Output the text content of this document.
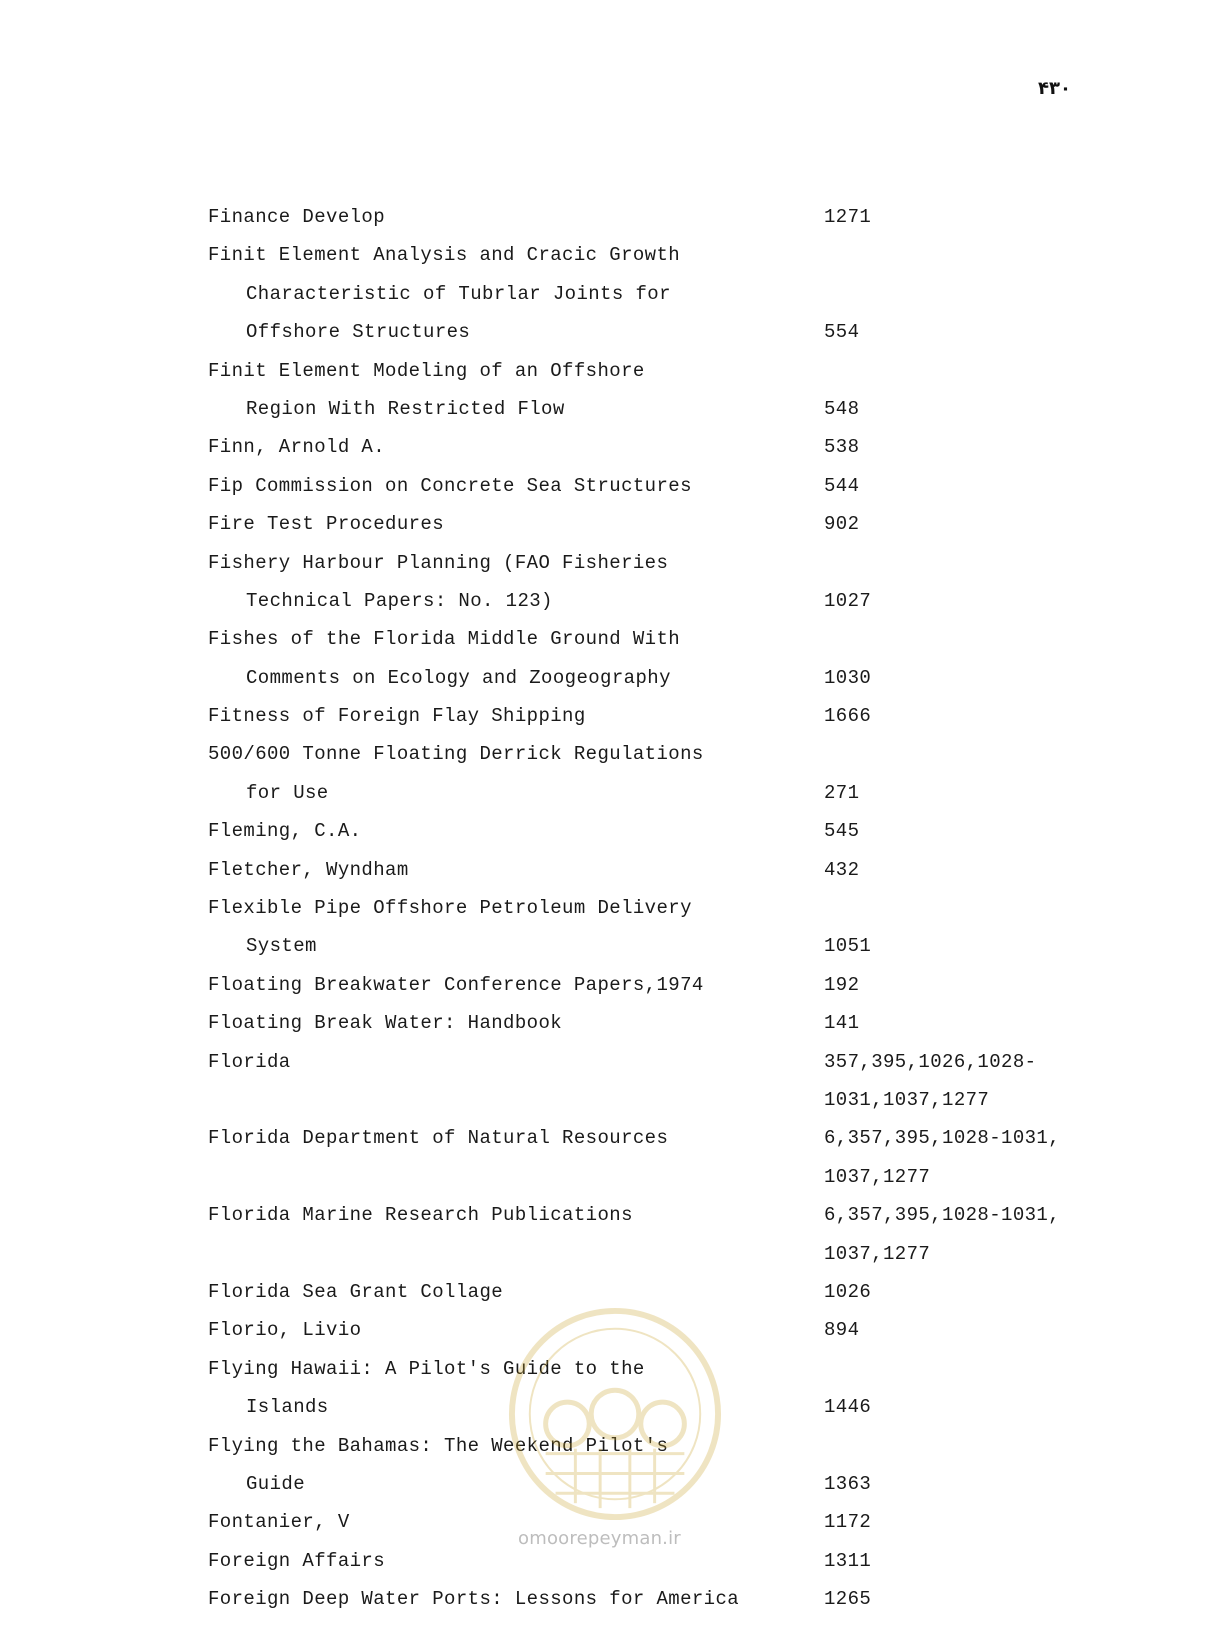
۴۳۰
Finance Develop	1271
Finit Element Analysis and Cracic Growth
Characteristic of Tubrlar Joints for
Offshore Structures	554
Finit Element Modeling of an Offshore
Region With Restricted Flow	548
Finn, Arnold A.	538
Fip Commission on Concrete Sea Structures	544
Fire Test Procedures	902
Fishery Harbour Planning (FAO Fisheries
Technical Papers: No. 123)	1027
Fishes of the Florida Middle Ground With
Comments on Ecology and Zoogeography	1030
Fitness of Foreign Flay Shipping	1666
500/600 Tonne Floating Derrick Regulations
for Use	271
Fleming, C.A.	545
Fletcher, Wyndham	432
Flexible Pipe Offshore Petroleum Delivery
System	1051
Floating Breakwater Conference Papers,1974	192
Floating Break Water: Handbook	141
Florida	357,395,1026,1028-
1031,1037,1277
Florida Department of Natural Resources	6,357,395,1028-1031,
1037,1277
Florida Marine Research Publications	6,357,395,1028-1031,
1037,1277
Florida Sea Grant Collage	1026
Florio, Livio	894
Flying Hawaii: A Pilot's Guide to the
Islands	1446
Flying the Bahamas: The Weekend Pilot's
Guide	1363
Fontanier, V	1172
Foreign Affairs	1311
Foreign Deep Water Ports: Lessons for America	1265
omoorepeyman.ir
